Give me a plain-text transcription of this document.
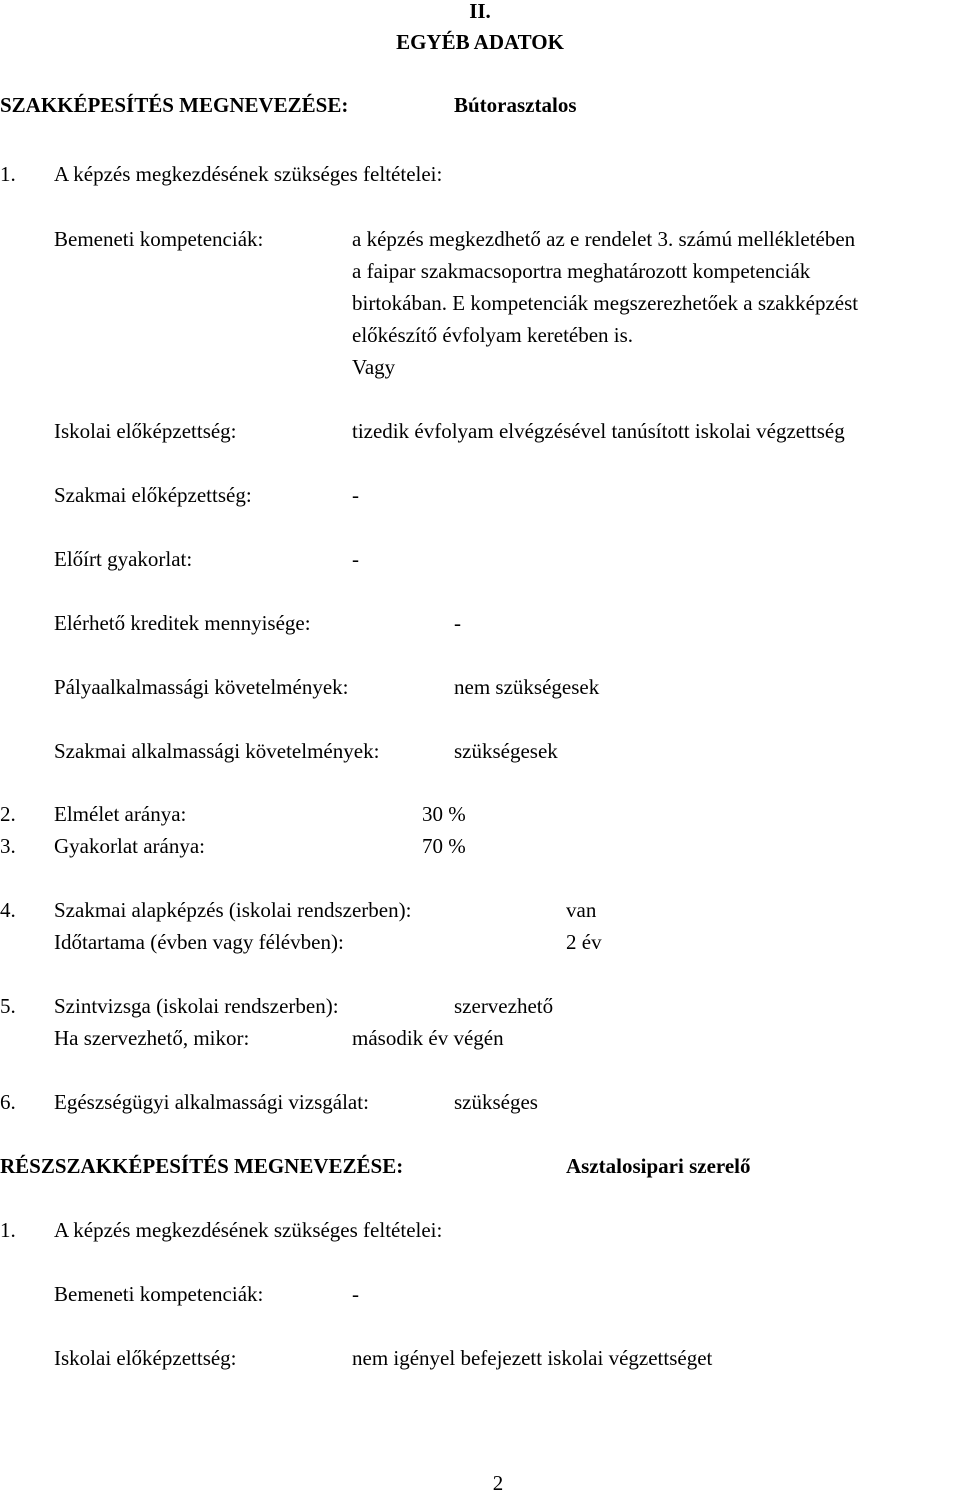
II.
EGYÉB ADATOK
SZAKKÉPESÍTÉS MEGNEVEZÉSE:	Bútorasztalos
1. A képzés megkezdésének szükséges feltételei:
Bemeneti kompetenciák:	a képzés megkezdhető az e rendelet 3. számú mellékletében
a faipar szakmacsoportra meghatározott kompetenciák
birtokában. E kompetenciák megszerezhetőek a szakképzést
előkészítő évfolyam keretében is.
Vagy
Iskolai előképzettség:	tizedik évfolyam elvégzésével tanúsított iskolai végzettség
Szakmai előképzettség:	-
Előírt gyakorlat:	-
Elérhető kreditek mennyisége:	-
Pályaalkalmassági követelmények:	nem szükségesek
Szakmai alkalmassági követelmények:	szükségesek
2. Elmélet aránya:	30 %
3. Gyakorlat aránya:	70 %
4. Szakmai alapképzés (iskolai rendszerben):	van
Időtartama (évben vagy félévben):	2 év
5. Szintvizsga (iskolai rendszerben):	szervezhető
Ha szervezhető, mikor:	második év végén
6. Egészségügyi alkalmassági vizsgálat:	szükséges
RÉSZSZAKKÉPESÍTÉS MEGNEVEZÉSE:	Asztalosipari szerelő
1. A képzés megkezdésének szükséges feltételei:
Bemeneti kompetenciák:	-
Iskolai előképzettség:	nem igényel befejezett iskolai végzettséget
2
